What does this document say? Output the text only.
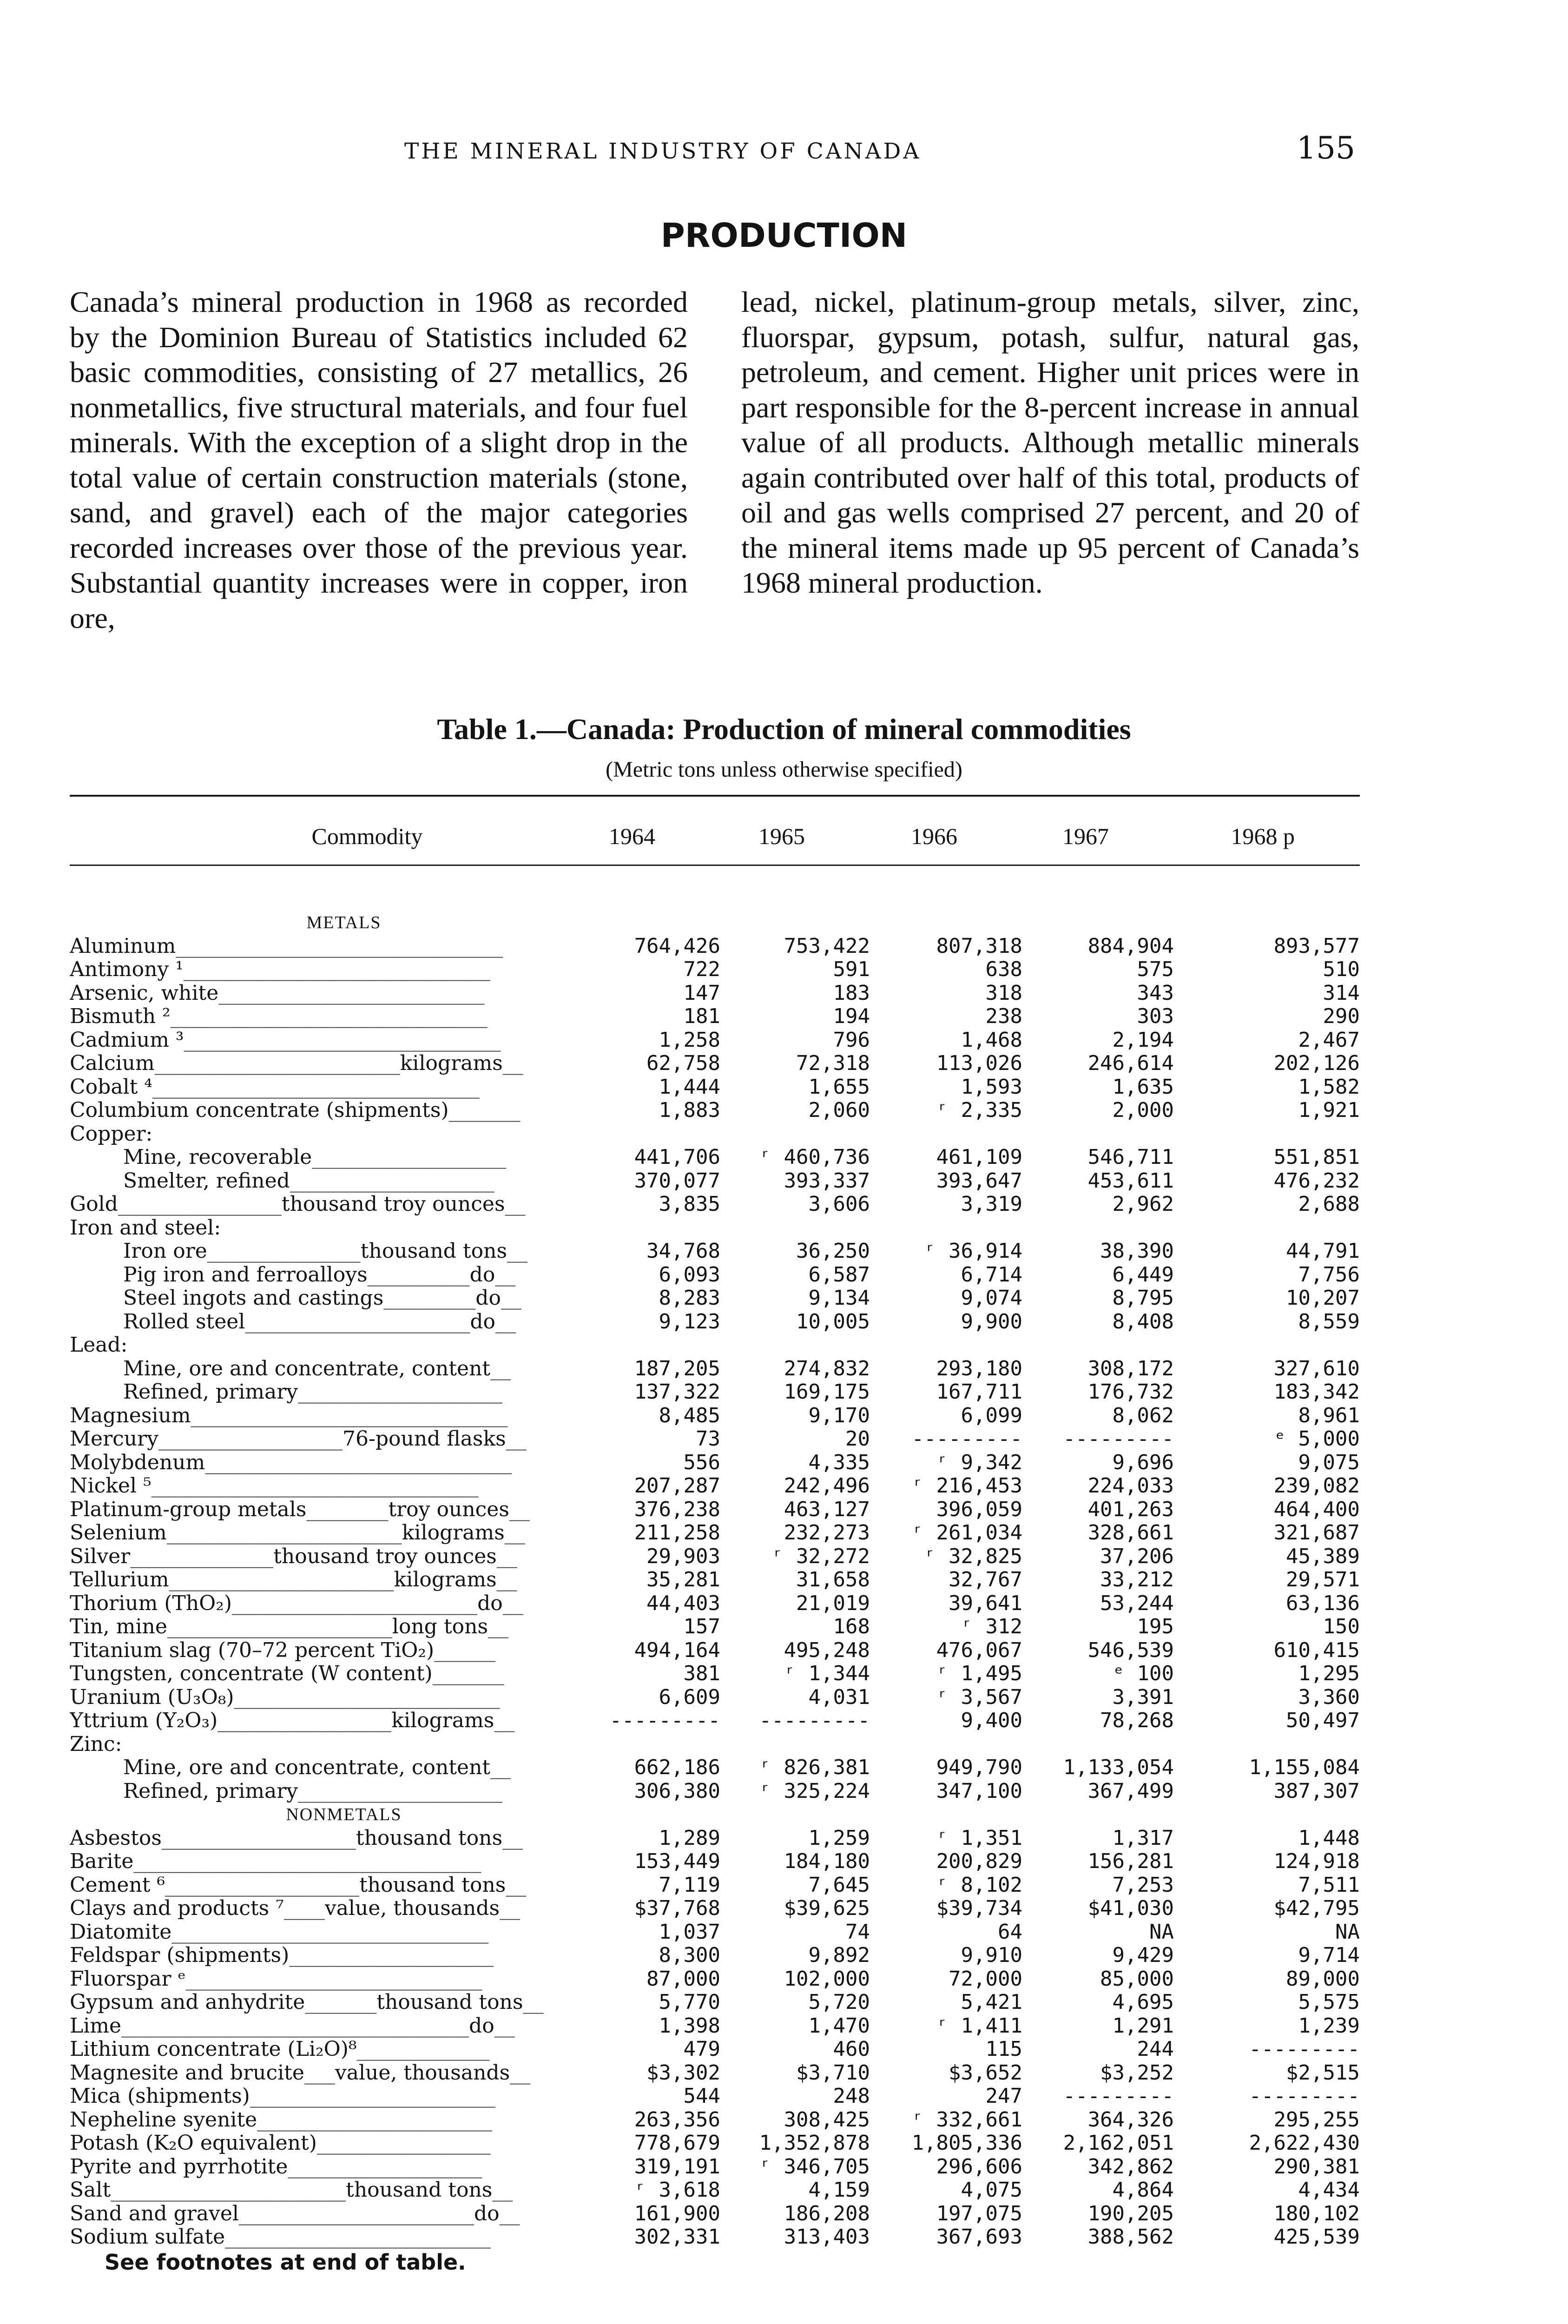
THE MINERAL INDUSTRY OF CANADA	155
PRODUCTION

Canada’s mineral production in 1968 as recorded by the Dominion Bureau of Statistics included 62 basic commodities, consisting of 27 metallics, 26 nonmetallics, five structural materials, and four fuel minerals. With the exception of a slight drop in the total value of certain construction materials (stone, sand, and gravel) each of the major categories recorded increases over those of the previous year. Substantial quantity increases were in copper, iron ore,

lead, nickel, platinum-group metals, silver, zinc, fluorspar, gypsum, potash, sulfur, natural gas, petroleum, and cement. Higher unit prices were in part responsible for the 8-percent increase in annual value of all products. Although metallic minerals again contributed over half of this total, products of oil and gas wells comprised 27 percent, and 20 of the mineral items made up 95 percent of Canada’s 1968 mineral production.

Table 1.—Canada: Production of mineral commodities
(Metric tons unless otherwise specified)
Commodity	1964	1965	1966	1967	1968 p
METALS
Aluminum________________________________	764,426	753,422	807,318	884,904	893,577
Antimony ¹______________________________	722	591	638	575	510
Arsenic, white__________________________	147	183	318	343	314
Bismuth ²_______________________________	181	194	238	303	290
Cadmium ³_______________________________	1,258	796	1,468	2,194	2,467
Calcium________________________kilograms__	62,758	72,318	113,026	246,614	202,126
Cobalt ⁴________________________________	1,444	1,655	1,593	1,635	1,582
Columbium concentrate (shipments)_______	1,883	2,060	ʳ 2,335	2,000	1,921
Copper:
Mine, recoverable___________________	441,706	ʳ 460,736	461,109	546,711	551,851
Smelter, refined____________________	370,077	393,337	393,647	453,611	476,232
Gold________________thousand troy ounces__	3,835	3,606	3,319	2,962	2,688
Iron and steel:
Iron ore_______________thousand tons__	34,768	36,250	ʳ 36,914	38,390	44,791
Pig iron and ferroalloys__________do__	6,093	6,587	6,714	6,449	7,756
Steel ingots and castings_________do__	8,283	9,134	9,074	8,795	10,207
Rolled steel______________________do__	9,123	10,005	9,900	8,408	8,559
Lead:
Mine, ore and concentrate, content__	187,205	274,832	293,180	308,172	327,610
Refined, primary____________________	137,322	169,175	167,711	176,732	183,342
Magnesium_______________________________	8,485	9,170	6,099	8,062	8,961
Mercury__________________76-pound flasks__	73	20	---------	---------	ᵉ 5,000
Molybdenum______________________________	556	4,335	ʳ 9,342	9,696	9,075
Nickel ⁵________________________________	207,287	242,496	ʳ 216,453	224,033	239,082
Platinum-group metals________troy ounces__	376,238	463,127	396,059	401,263	464,400
Selenium_______________________kilograms__	211,258	232,273	ʳ 261,034	328,661	321,687
Silver______________thousand troy ounces__	29,903	ʳ 32,272	ʳ 32,825	37,206	45,389
Tellurium______________________kilograms__	35,281	31,658	32,767	33,212	29,571
Thorium (ThO₂)________________________do__	44,403	21,019	39,641	53,244	63,136
Tin, mine______________________long tons__	157	168	ʳ 312	195	150
Titanium slag (70–72 percent TiO₂)______	494,164	495,248	476,067	546,539	610,415
Tungsten, concentrate (W content)_______	381	ʳ 1,344	ʳ 1,495	ᵉ 100	1,295
Uranium (U₃O₈)__________________________	6,609	4,031	ʳ 3,567	3,391	3,360
Yttrium (Y₂O₃)_________________kilograms__	---------	---------	9,400	78,268	50,497
Zinc:
Mine, ore and concentrate, content__	662,186	ʳ 826,381	949,790	1,133,054	1,155,084
Refined, primary____________________	306,380	ʳ 325,224	347,100	367,499	387,307
NONMETALS
Asbestos___________________thousand tons__	1,289	1,259	ʳ 1,351	1,317	1,448
Barite__________________________________	153,449	184,180	200,829	156,281	124,918
Cement ⁶___________________thousand tons__	7,119	7,645	ʳ 8,102	7,253	7,511
Clays and products ⁷____value, thousands__	$37,768	$39,625	$39,734	$41,030	$42,795
Diatomite_______________________________	1,037	74	64	NA	NA
Feldspar (shipments)____________________	8,300	9,892	9,910	9,429	9,714
Fluorspar ᵉ_____________________________	87,000	102,000	72,000	85,000	89,000
Gypsum and anhydrite_______thousand tons__	5,770	5,720	5,421	4,695	5,575
Lime__________________________________do__	1,398	1,470	ʳ 1,411	1,291	1,239
Lithium concentrate (Li₂O)⁸_____________	479	460	115	244	---------
Magnesite and brucite___value, thousands__	$3,302	$3,710	$3,652	$3,252	$2,515
Mica (shipments)________________________	544	248	247	---------	---------
Nepheline syenite_______________________	263,356	308,425	ʳ 332,661	364,326	295,255
Potash (K₂O equivalent)_________________	778,679	1,352,878	1,805,336	2,162,051	2,622,430
Pyrite and pyrrhotite___________________	319,191	ʳ 346,705	296,606	342,862	290,381
Salt_______________________thousand tons__	ʳ 3,618	4,159	4,075	4,864	4,434
Sand and gravel_______________________do__	161,900	186,208	197,075	190,205	180,102
Sodium sulfate__________________________	302,331	313,403	367,693	388,562	425,539
See footnotes at end of table.
